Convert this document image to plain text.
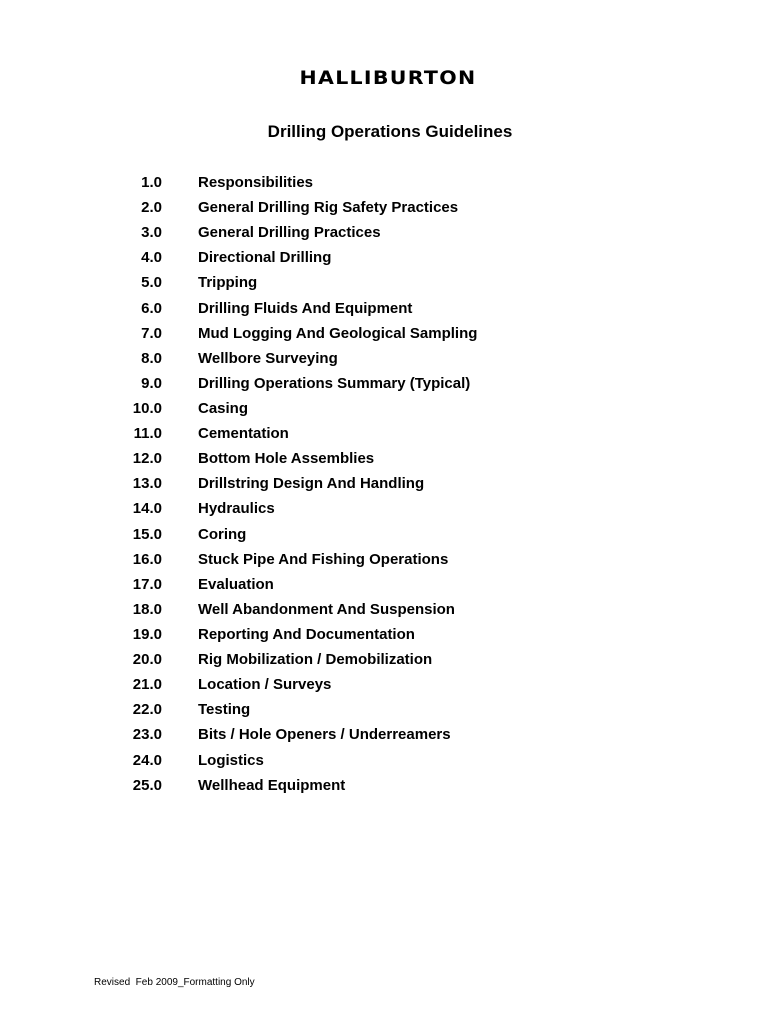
HALLIBURTON
Drilling Operations Guidelines
1.0 Responsibilities
2.0 General Drilling Rig Safety Practices
3.0 General Drilling Practices
4.0 Directional Drilling
5.0 Tripping
6.0 Drilling Fluids And Equipment
7.0 Mud Logging And Geological Sampling
8.0 Wellbore Surveying
9.0 Drilling Operations Summary (Typical)
10.0 Casing
11.0 Cementation
12.0 Bottom Hole Assemblies
13.0 Drillstring Design And Handling
14.0 Hydraulics
15.0 Coring
16.0 Stuck Pipe And Fishing Operations
17.0 Evaluation
18.0 Well Abandonment And Suspension
19.0 Reporting And Documentation
20.0 Rig Mobilization / Demobilization
21.0 Location / Surveys
22.0 Testing
23.0 Bits / Hole Openers / Underreamers
24.0 Logistics
25.0 Wellhead Equipment
Revised  Feb 2009_Formatting Only
